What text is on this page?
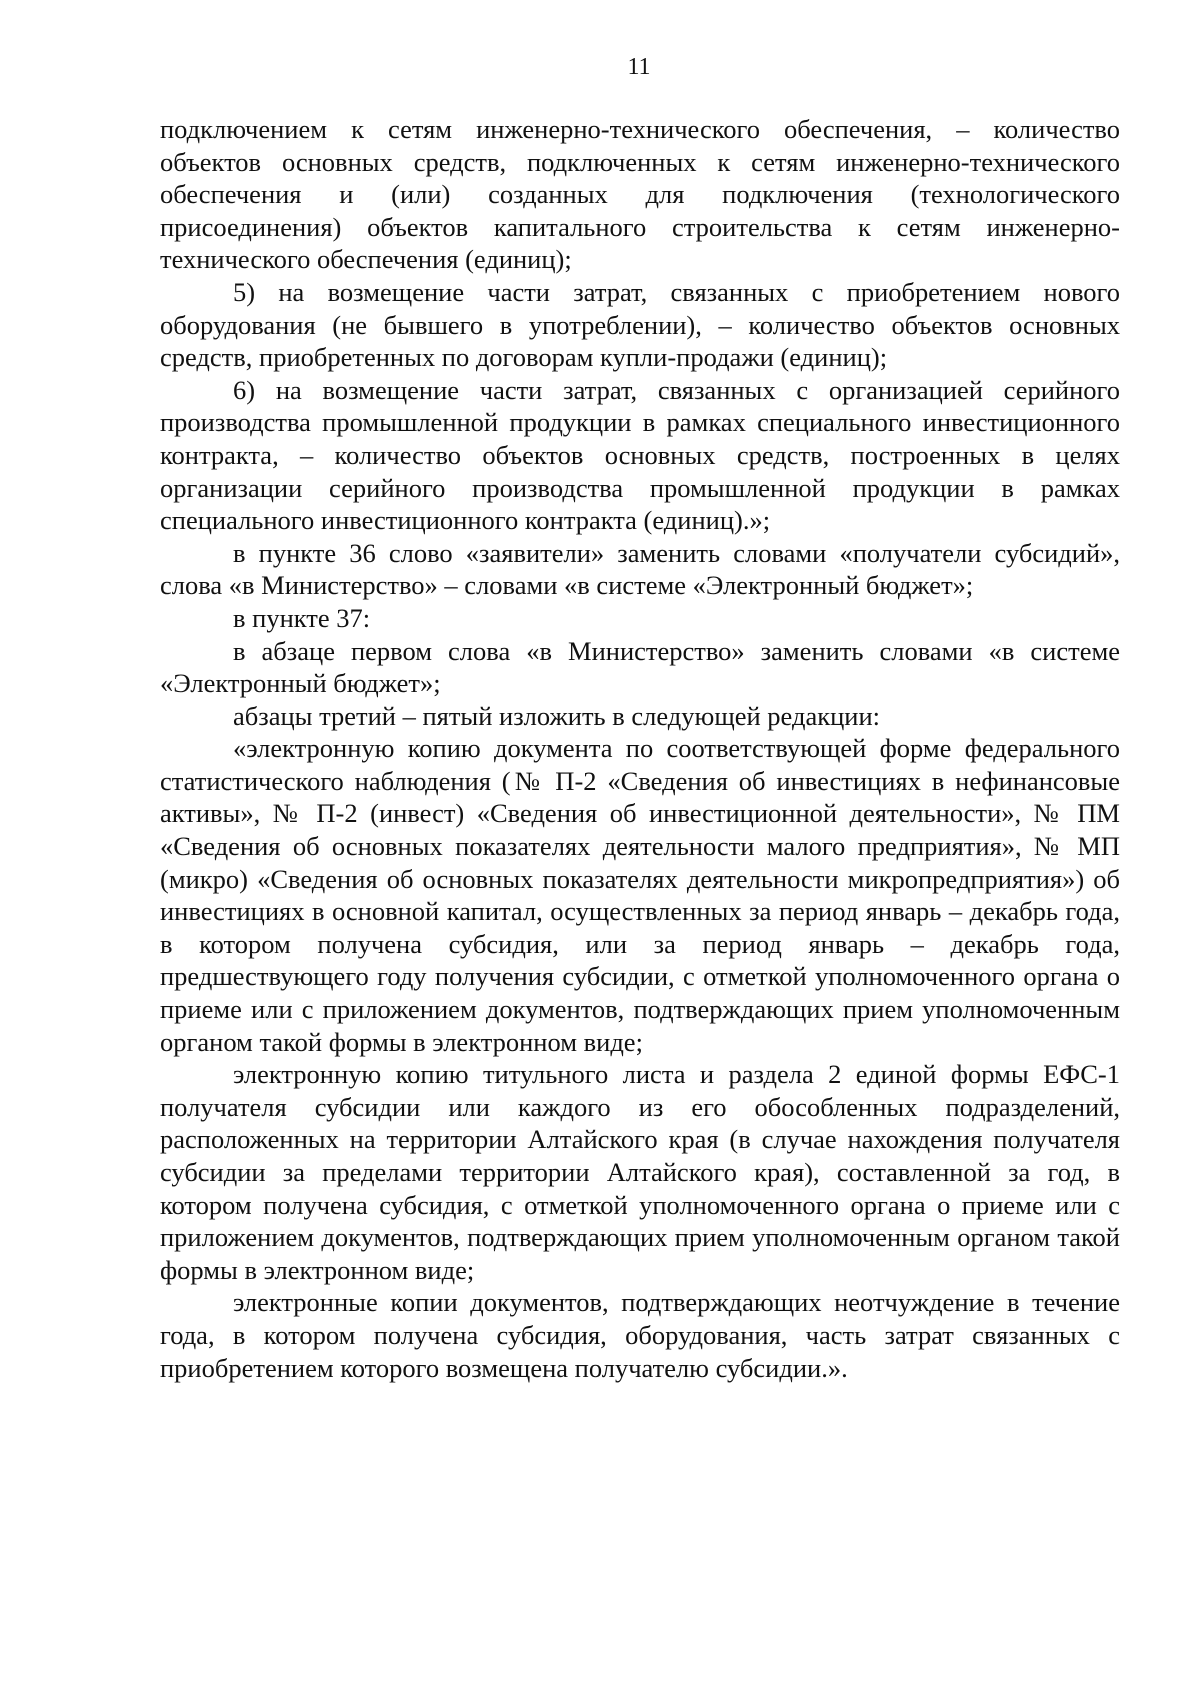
11

подключением к сетям инженерно-технического обеспечения, – количество объектов основных средств, подключенных к сетям инженерно-технического обеспечения и (или) созданных для подключения (технологического присоединения) объектов капитального строительства к сетям инженерно-технического обеспечения (единиц);

5) на возмещение части затрат, связанных с приобретением нового оборудования (не бывшего в употреблении), – количество объектов основных средств, приобретенных по договорам купли-продажи (единиц);

6) на возмещение части затрат, связанных с организацией серийного производства промышленной продукции в рамках специального инвестиционного контракта, – количество объектов основных средств, построенных в целях организации серийного производства промышленной продукции в рамках специального инвестиционного контракта (единиц).»;

в пункте 36 слово «заявители» заменить словами «получатели субсидий», слова «в Министерство» – словами «в системе «Электронный бюджет»;

в пункте 37:

в абзаце первом слова «в Министерство» заменить словами «в системе «Электронный бюджет»;

абзацы третий – пятый изложить в следующей редакции:

«электронную копию документа по соответствующей форме федерального статистического наблюдения (№ П-2 «Сведения об инвестициях в нефинансовые активы», № П-2 (инвест) «Сведения об инвестиционной деятельности», № ПМ «Сведения об основных показателях деятельности малого предприятия», № МП (микро) «Сведения об основных показателях деятельности микропредприятия») об инвестициях в основной капитал, осуществленных за период январь – декабрь года, в котором получена субсидия, или за период январь – декабрь года, предшествующего году получения субсидии, с отметкой уполномоченного органа о приеме или с приложением документов, подтверждающих прием уполномоченным органом такой формы в электронном виде;

электронную копию титульного листа и раздела 2 единой формы ЕФС-1 получателя субсидии или каждого из его обособленных подразделений, расположенных на территории Алтайского края (в случае нахождения получателя субсидии за пределами территории Алтайского края), составленной за год, в котором получена субсидия, с отметкой уполномоченного органа о приеме или с приложением документов, подтверждающих прием уполномоченным органом такой формы в электронном виде;

электронные копии документов, подтверждающих неотчуждение в течение года, в котором получена субсидия, оборудования, часть затрат связанных с приобретением которого возмещена получателю субсидии.».
